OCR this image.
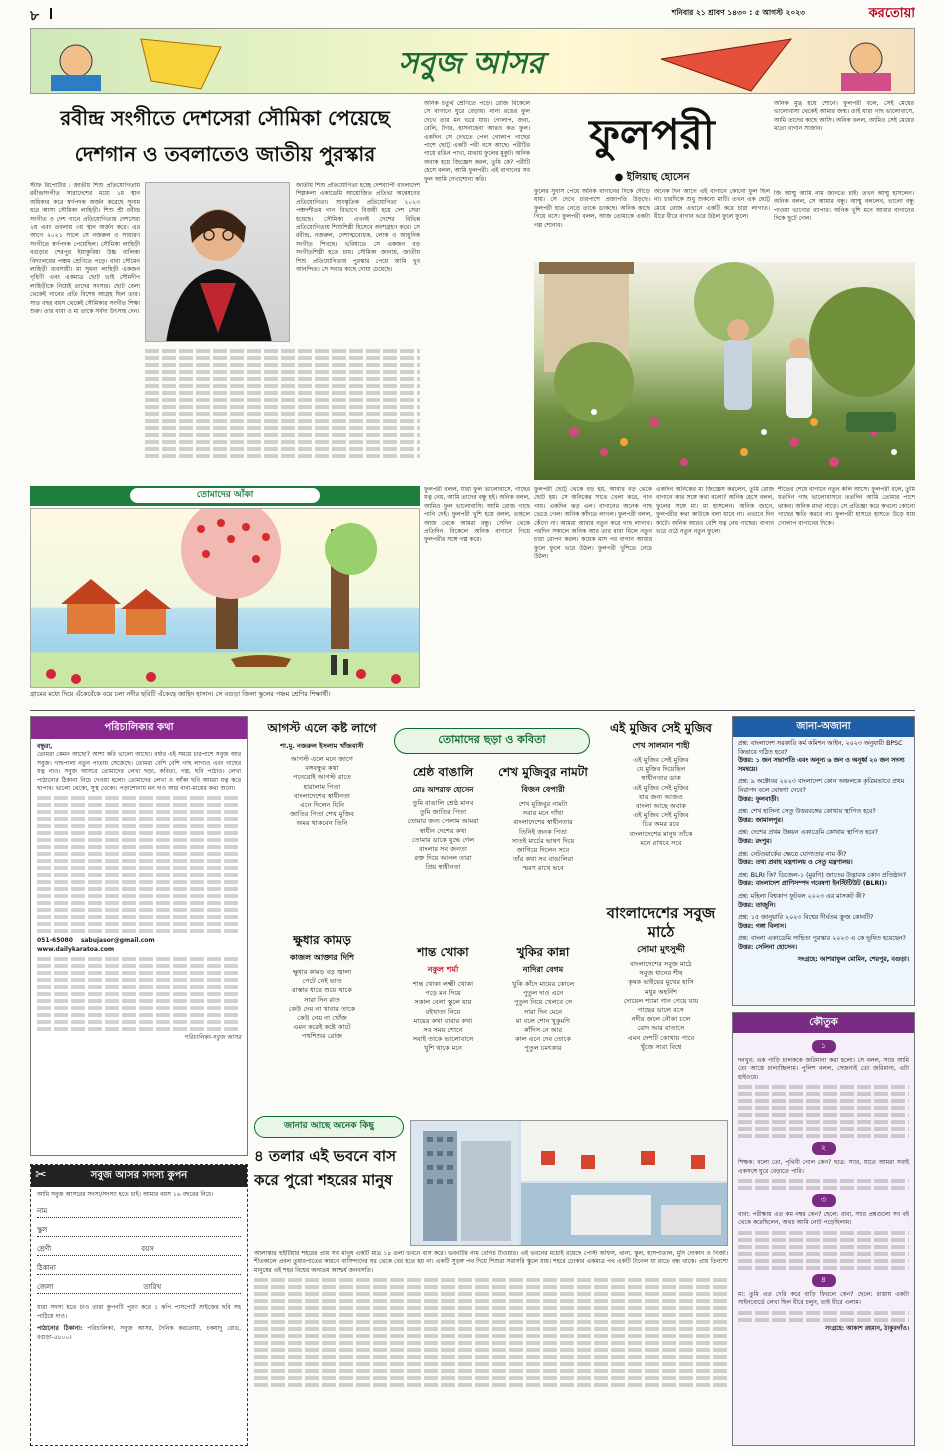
৮	শনিবার ২১ শ্রাবণ ১৪৩০ : ৫ আগস্ট ২০২৩	করতোয়া
সবুজ আসর
রবীন্দ্র সংগীতে দেশসেরা সৌমিকা পেয়েছে
দেশগান ও তবলাতেও জাতীয় পুরস্কার
স্টাফ রিপোর্টার : জাতীয় শিশু প্রতিযোগিতায় রবীন্দ্রসংগীত সারাদেশের মধ্যে ১ম স্থান অধিকার করে স্বর্ণপদক অর্জন করেছে সুনাম ধরে আসা সৌমিকা লাহিড়ী। শিশু শ্রী রবীন্দ্র সংগীত ও দেশ গানে প্রতিযোগিতায় দেশসেরা ২য় এবং তবলায় ৩য় স্থান অর্জন করে। এর আগে ২০২১ সালে সে নজরুল ও সাধারণ সংগীতে স্বর্ণপদক পেয়েছিল। সৌমিকা লাহিড়ী বগুড়ার শেরপুর ইয়াকুবিয়া উচ্চ বালিকা বিদ্যালয়ের পঞ্চম শ্রেণিতে পড়ে। বাবা সৌমেন লাহিড়ী ব্যবসায়ী। মা সুমনা লাহিড়ী একজন গৃহিণী এবং একমাত্র ছোট ভাই সৌমদীপ লাহিড়ীকে নিয়েই তাদের সংসার। ছোট বেলা থেকেই গানের প্রতি বিশেষ আগ্রহ ছিল তার। সাত বছর বয়স থেকেই সৌমিকার সংগীত শিক্ষা শুরু। তার বাবা ও মা তাকে সর্বদা উৎসাহ দেন।
জাতীয় শিশু প্রতিযোগিতা হচ্ছে দেশব্যাপী বাংলাদেশ শিল্পকলা একাডেমি আয়োজিত প্রতিভা অন্বেষণের প্রতিযোগিতা। সাংস্কৃতিক প্রতিযোগিতা ২০২৩ পঞ্চদশীতম গান বিভাগে বিজয়ী হয়ে দেশ সেরা হয়েছে। সৌমিকা এখনই দেশের বিভিন্ন প্রতিযোগিতায় শিশুশিল্পী হিসেবে অংশগ্রহণ করে। সে রবীন্দ্র, নজরুল, দেশাত্মবোধক, লোক ও আধুনিক সংগীত শিখছে। ভবিষ্যতে সে একজন বড় সংগীতশিল্পী হতে চায়। সৌমিকা জানায়, জাতীয় শিশু প্রতিযোগিতায় পুরস্কার পেয়ে আমি খুব আনন্দিত। সে সবার কাছে দোয়া চেয়েছে।
অনিক চতুর্থ শ্রেণিতে পড়ে। রোজ বিকেলে সে বাগানে ঘুরে বেড়ায়। নানা রঙের ফুল দেখে তার মন ভরে যায়। গোলাপ, জবা, বেলি, টগর, হাসনাহেনা আরও কত ফুল। একদিন সে দেখতে পেল গোলাপ গাছের পাশে ছোট্ট একটি পরী বসে আছে। পরীটির গায়ে রঙিন পাখা, মাথায় ফুলের মুকুট। অনিক অবাক হয়ে জিজ্ঞেস করল, তুমি কে? পরীটি হেসে বলল, আমি ফুলপরী। এই বাগানের সব ফুল আমি দেখাশোনা করি।
ফুলপরী
● ইলিয়াছ হোসেন
ফুলের সুবাস পেয়ে অনিক বাগানের দিকে দৌড়ে যায়। সে দেখে চারপাশে প্রজাপতি উড়ছে। ফুলপরী হাত নেড়ে তাকে ডাকছে। অনিক কাছে গিয়ে বসে। ফুলপরী বলল, আজ তোমাকে একটা গল্প শোনাব।
অনেক দিন আগে এই বাগানে কোনো ফুল ছিল না। চারদিকে শুধু শুকনো মাটি। তখন এক ছোট্ট মেয়ে রোজ এখানে একটি করে চারা লাগাত। ধীরে ধীরে বাগান ভরে উঠল ফুলে ফুলে।
অনিক মুগ্ধ হয়ে শোনে। ফুলপরী বলে, সেই মেয়ের ভালোবাসা থেকেই আমার জন্ম। তাই যারা গাছ ভালোবাসে, আমি তাদের কাছে আসি। অনিক বলল, আমিও সেই মেয়ের মতো বাগান সাজাব।
জি আম্মু আমি নাম জানতে চাই। তখন আম্মু হাসলেন। অনিক বলল, সে আমার বন্ধু। আম্মু বললেন, ভালো বন্ধু পাওয়া ভাগ্যের ব্যাপার। অনিক খুশি মনে আবার বাগানের দিকে ছুটে গেল।
তোমাদের আঁকা
গ্রামের মধ্যে দিয়ে এঁকেবেঁকে বয়ে চলা নদীর ছবিটি এঁকেছে জাহিদ হাসান। সে বগুড়া জিলা স্কুলের পঞ্চম শ্রেণির শিক্ষার্থী।
ফুলপরী বলল, যারা ফুল ভালোবাসে, গাছের যত্ন নেয়, আমি তাদের বন্ধু হই। অনিক বলল, আমিও ফুল ভালোবাসি। আমি রোজ গাছে পানি দেই। ফুলপরী খুশি হয়ে বলল, তাহলে আজ থেকে আমরা বন্ধু। সেদিন থেকে প্রতিদিন বিকেলে অনিক বাগানে গিয়ে ফুলপরীর সঙ্গে গল্প করে।
ফুলপরী ছোট্ট থেকে বড় হয়, আবার বড় থেকে ছোট হয়। সে অনিকের সাথে খেলা করে, গান গায়। একদিন ঝড় এল। বাগানের অনেক গাছ ভেঙে গেল। অনিক কাঁদতে লাগল। ফুলপরী বলল, কেঁদো না। আমরা আবার নতুন করে গাছ লাগাব। পরদিন সকালে অনিক আর তার বাবা মিলে নতুন চারা রোপণ করল। কয়েক মাস পর বাগান আবার ফুলে ফুলে ভরে উঠল। ফুলপরী খুশিতে নেচে উঠল।
একদিন অনিকের মা জিজ্ঞেস করলেন, তুমি রোজ বাগানে কার সঙ্গে কথা বলো? অনিক হেসে বলল, ফুলের সঙ্গে মা। মা হাসলেন। অনিক জানে, ফুলপরীর কথা কাউকে বলা যাবে না। এভাবে দিন কাটে। অনিক আরও বেশি যত্ন নেয় গাছের। বাগান ভরে ওঠে নতুন নতুন ফুলে।
শীতের শেষে বাগানে নতুন কলি আসে। ফুলপরী বলে, তুমি যতদিন গাছ ভালোবাসবে ততদিন আমি তোমার পাশে থাকব। অনিক মাথা নাড়ে। সে প্রতিজ্ঞা করে কখনো কোনো গাছের ক্ষতি করবে না। ফুলপরী হাসতে হাসতে উড়ে যায় গোলাপ বাগানের দিকে।
পরিচালিকার কথা
বন্ধুরা,
তোমরা কেমন আছো? আশা করি ভালো আছো। বর্ষার এই সময়ে চারপাশে সবুজ আর সবুজ। গাছপালা নতুন পাতায় সেজেছে। তোমরা বেশি বেশি গাছ লাগাও এবং গাছের যত্ন নাও। সবুজ আসরে তোমাদের লেখা ছড়া, কবিতা, গল্প, ছবি পাঠাও। লেখা পাঠানোর ঠিকানা নিচে দেওয়া হলো। তোমাদের লেখা ও আঁকা ছবি আমরা যত্ন করে ছাপাব। ভালো থেকো, সুস্থ থেকো। পড়াশোনায় মন দাও আর বাবা-মায়ের কথা শুনো।
051-65080 sabujasor@gmail.com
www.dailykaratoa.com
পরিচালিকা-সবুজ আসর
✂	সবুজ আসর সদস্য কুপন
আমি সবুজ আসরের সদস্য/সদস্যা হতে চাই। আমার বয়স ১৬ বছরের নিচে।
নাম
স্কুল
শ্রেণী	বয়স
ঠিকানা
জেলা	তারিখ
যারা সদস্য হতে চাও তারা কুপনটি পূরণ করে ১ কপি পাসপোর্ট সাইজের ছবি সহ পাঠিয়ে দাও।
পাঠানোর ঠিকানা: পরিচালিকা, সবুজ আসর, দৈনিক করতোয়া, চকযাদু রোড, বগুড়া-৫৮০০।
আগস্ট এলে কষ্ট লাগে
শা.মু. নজরুল ইসলাম খাঁজবাসী
আগস্ট এলে মনে জাগে
বঙ্গবন্ধুর কথা
পনেরোই আগস্ট রাতে
হারালাম পিতা
বাংলাদেশের স্বাধীনতা
এনে দিলেন যিনি
জাতির পিতা শেখ মুজিব
অমর থাকবেন তিনি
ক্ষুধার কামড়
কাজল আক্তার দিশি
ক্ষুধার কামড় বড় জ্বালা
পেটে নেই ভাত
রাস্তার ধারে শুয়ে থাকে
সারা দিন রাত
কেউ দেয় না খাবার তাকে
কেউ নেয় না খোঁজ
এমন করেই কষ্টে কাটে
পথশিশুর রোজ
তোমাদের ছড়া ও কবিতা
শ্রেষ্ঠ বাঙালি
মোঃ আশরাফ হোসেন
তুমি বাঙালি শ্রেষ্ঠ মানব
তুমি জাতির পিতা
তোমার জন্য পেলাম আমরা
স্বাধীন দেশের কথা
তোমার ডাকে যুদ্ধে গেল
বাংলার সব জনতা
রক্ত দিয়ে আনল তারা
প্রিয় স্বাধীনতা
শেখ মুজিবুর নামটা
বিজন বেপারী
শেখ মুজিবুর নামটা
সবার মনে গাঁথা
বাংলাদেশের স্বাধীনতার
তিনিই জনক পিতা
সাতই মার্চের ভাষণ দিয়ে
জাগিয়ে দিলেন সবে
তাঁর কথা সব বাঙালিরা
স্মরণ রাখে ভবে
শান্ত খোকা
নকুল শর্মা
শান্ত খোকা লক্ষ্মী খোকা
পড়ে মন দিয়ে
সকাল বেলা স্কুলে যায়
বইখাতা নিয়ে
মায়ের কথা বাবার কথা
সব সময় শোনে
সবাই তাকে ভালোবাসে
খুশি থাকে মনে
খুকির কান্না
নাদিরা বেগম
খুকি কাঁদে মায়ের কোলে
পুতুল দাও এনে
পুতুল নিয়ে খেলবে সে
সারা দিন মেনে
মা বলে শোন খুকুমণি
কাঁদিস নে আর
কাল এনে দেব তোকে
পুতুল চমৎকার
এই মুজিব সেই মুজিব
শেখ সালমান শাহী
এই মুজিব সেই মুজিব
যে মুজিব দিয়েছিল
স্বাধীনতার ডাক
এই মুজিব সেই মুজিব
যার জন্য আজও
বাংলা আছে অবাক
এই মুজিব সেই মুজিব
চির অমর রবে
বাংলাদেশের মানুষ তাঁকে
মনে রাখবে সবে
বাংলাদেশের সবুজ মাঠে
সোমা মুৎসুদ্দী
বাংলাদেশের সবুজ মাঠে
সবুজ ধানের শীষ
কৃষক ভাইয়ের মুখের হাসি
মধুর অহর্নিশ
দোয়েল শ্যামা গান গেয়ে যায়
গাছের ডালে বসে
নদীর জলে নৌকা চলে
রোদ আর বাতাসে
এমন দেশটি কোথায় পাবে
খুঁজে সারা বিশ্বে
জানা-অজানা
প্রশ্ন: বাংলাদেশ সরকারি কর্ম কমিশন আইন, ২০২৩ অনুযায়ী BPSC কিভাবে গঠিত হবে?
উত্তর: ১ জন সভাপতি এবং অনূন্য ৬ জন ও অনূর্ধ্ব ২০ জন সদস্য সমন্বয়ে।
প্রশ্ন: ৯ অক্টোবর ২০২৩ বাংলাদেশ কোন অঞ্চলকে কৃত্রিমভাবে প্রথম নিরাপদ বলে ঘোষণা দেবে?
উত্তর: ফুলবাড়ী।
প্রশ্ন: শেখ হাসিনা সেতু উত্তরবঙ্গের কোথায় স্থাপিত হবে?
উত্তর: জামালপুর।
প্রশ্ন: দেশের প্রথম উন্নয়ন একাডেমি কোথায় স্থাপিত হবে?
উত্তর: রংপুর।
প্রশ্ন: নেটওয়ার্কের ক্ষেত্রে যোগ্যতার নাম কী?
উত্তর: তথ্য প্রবাহ মন্ত্রণালয় ও সেতু মন্ত্রণালয়।
প্রশ্ন: BLRI কি? ডিজেল-১ (মুরগি) জাতের উদ্ভাবক কোন প্রতিষ্ঠান?
উত্তর: বাংলাদেশ প্রাণিসম্পদ গবেষণা ইনস্টিটিউট (BLRI)।
প্রশ্ন: মহিলা বিশ্বকাপ ফুটবল ২০২৩ এর মাসকট কী?
উত্তর: তাজুনি।
প্রশ্ন: ১৫ জানুয়ারি ২০২৩ বিশ্বের দীর্ঘতম ক্রুজ কোনটি?
উত্তর: গঙ্গা বিলাস।
প্রশ্ন: বাংলা একাডেমি সাহিত্য পুরস্কার ২০২৩ এ কে ভূষিত হয়েছেন?
উত্তর: সেলিনা হোসেন।
সংগ্রহে: আশরাফুল মোমিন, শেরপুর, বগুড়া।
কৌতুক
১
দনখুব: এক গাড়ি চালককে জরিমানা করা হলো। সে বলল, স্যার আমি তো আস্তে চালাচ্ছিলাম। পুলিশ বলল, সেজন্যই তো জরিমানা, এটা হাইওয়ে।
২
শিক্ষক: বলো তো, পৃথিবী গোল কেন? ছাত্র: স্যার, যাতে আমরা সবাই একসঙ্গে ঘুরে বেড়াতে পারি।
৩
বাবা: পরীক্ষায় এত কম নম্বর কেন? ছেলে: বাবা, স্যার প্রশ্নগুলো সব বই থেকে করেছিলেন, অথচ আমি নোট পড়েছিলাম।
৪
মা: তুমি এত দেরি করে বাড়ি ফিরলে কেন? ছেলে: রাস্তায় একটা সাইনবোর্ডে লেখা ছিল ধীরে চলুন, তাই ধীরে এলাম।
সংগ্রহে: আকাশ রহমান, ঠাকুরগাঁও।
জানার আছে অনেক কিছু
৪ তলার এই ভবনে বাস করে পুরো শহরের মানুষ
আলাস্কার হুইটিয়ার শহরের প্রায় সব মানুষ একটি মাত্র ১৪ তলা ভবনে বাস করে। ভবনটির নাম বেগিচ টাওয়ার। এই ভবনের মধ্যেই রয়েছে পোস্ট অফিস, থানা, স্কুল, হাসপাতাল, মুদি দোকান ও গির্জা। শীতকালে প্রবল তুষারপাতের কারণে বাসিন্দাদের ঘর থেকে বের হতে হয় না। একটি সুড়ঙ্গ পথ দিয়ে শিশুরা সরাসরি স্কুলে যায়। শহরে ঢোকার একমাত্র পথ একটি টানেল যা রাতে বন্ধ থাকে। প্রায় তিনশো মানুষের এই শহর বিশ্বের অন্যতম আশ্চর্য জনবসতি।
